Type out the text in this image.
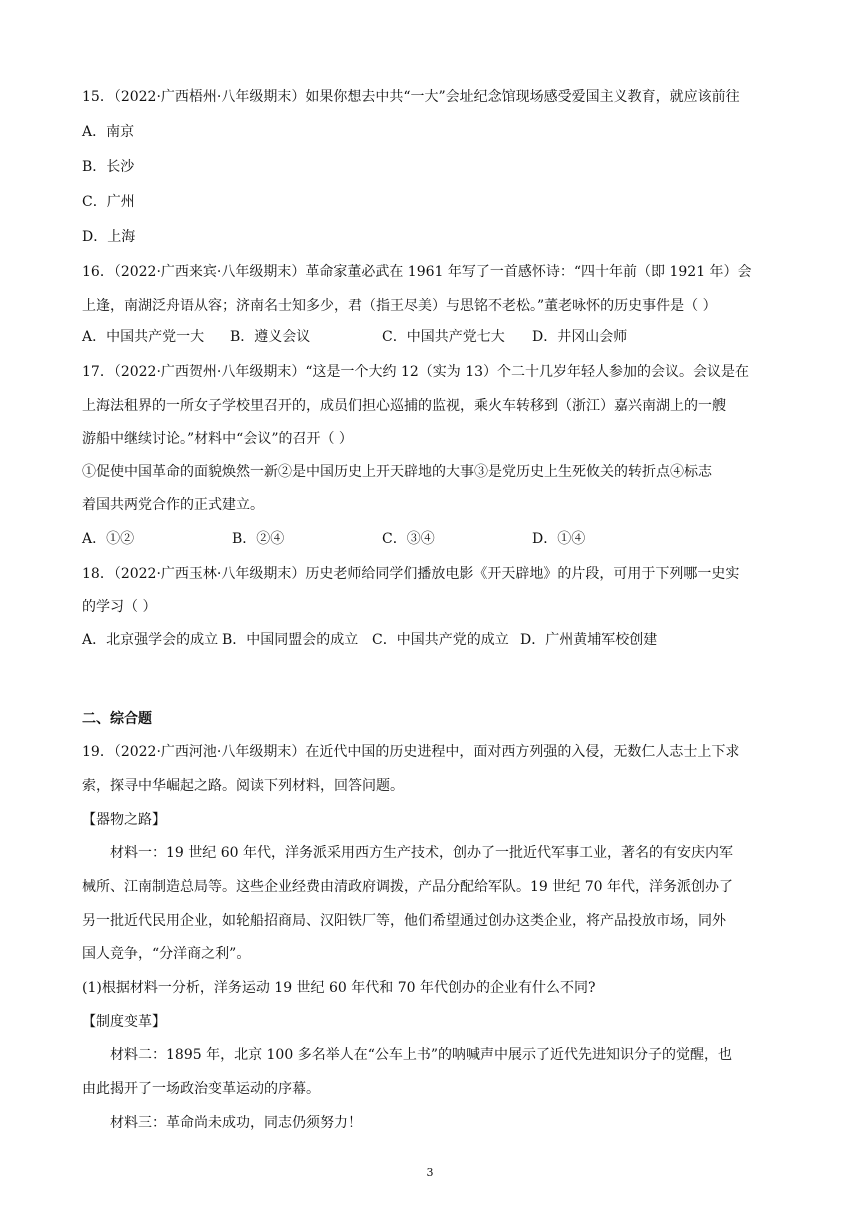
15．（2022·广西梧州·八年级期末）如果你想去中共“一大”会址纪念馆现场感受爱国主义教育，就应该前往
A．南京
B．长沙
C．广州
D．上海
16．（2022·广西来宾·八年级期末）革命家董必武在 1961 年写了一首感怀诗：“四十年前（即 1921 年）会
上逢，南湖泛舟语从容；济南名士知多少，君（指王尽美）与思铭不老松。”董老咏怀的历史事件是（ ）
A．中国共产党一大 B．遵义会议	C．中国共产党七大 D．井冈山会师
17．（2022·广西贺州·八年级期末）“这是一个大约 12（实为 13）个二十几岁年轻人参加的会议。会议是在
上海法租界的一所女子学校里召开的，成员们担心巡捕的监视，乘火车转移到（浙江）嘉兴南湖上的一艘
游船中继续讨论。”材料中“会议”的召开（ ）
①促使中国革命的面貌焕然一新②是中国历史上开天辟地的大事③是党历史上生死攸关的转折点④标志
着国共两党合作的正式建立。
A．①②	B．②④	C．③④	D．①④
18．（2022·广西玉林·八年级期末）历史老师给同学们播放电影《开天辟地》的片段，可用于下列哪一史实
的学习（ ）
A．北京强学会的成立 B．中国同盟会的成立 C．中国共产党的成立 D．广州黄埔军校创建
二、综合题
19．（2022·广西河池·八年级期末）在近代中国的历史进程中，面对西方列强的入侵，无数仁人志士上下求
索，探寻中华崛起之路。阅读下列材料，回答问题。
【器物之路】
材料一：19 世纪 60 年代，洋务派采用西方生产技术，创办了一批近代军事工业，著名的有安庆内军
械所、江南制造总局等。这些企业经费由清政府调拨，产品分配给军队。19 世纪 70 年代，洋务派创办了
另一批近代民用企业，如轮船招商局、汉阳铁厂等，他们希望通过创办这类企业，将产品投放市场，同外
国人竞争，“分洋商之利”。
(1)根据材料一分析，洋务运动 19 世纪 60 年代和 70 年代创办的企业有什么不同?
【制度变革】
材料二：1895 年，北京 100 多名举人在“公车上书”的呐喊声中展示了近代先进知识分子的觉醒，也
由此揭开了一场政治变革运动的序幕。
材料三：革命尚未成功，同志仍须努力！
3
